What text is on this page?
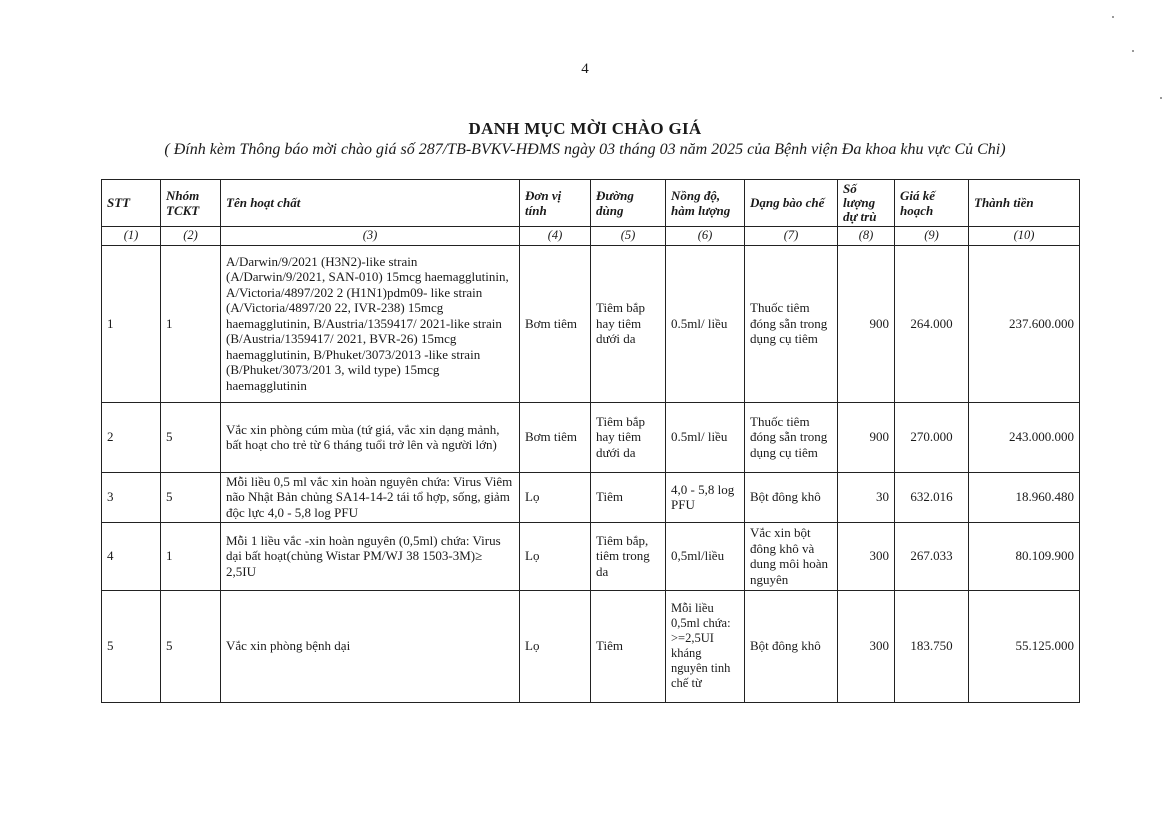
4
DANH MỤC MỜI CHÀO GIÁ
( Đính kèm Thông báo mời chào giá số 287/TB-BVKV-HĐMS ngày 03 tháng 03 năm 2025 của Bệnh viện Đa khoa khu vực Củ Chi)
STT	Nhóm TCKT	Tên hoạt chất	Đơn vị tính	Đường dùng	Nồng độ, hàm lượng	Dạng bào chế	Số lượng dự trù	Giá kế hoạch	Thành tiền
(1)	(2)	(3)	(4)	(5)	(6)	(7)	(8)	(9)	(10)
1	1	A/Darwin/9/2021 (H3N2)-like strain (A/Darwin/9/2021, SAN-010) 15mcg haemagglutinin, A/Victoria/4897/202 2 (H1N1)pdm09- like strain (A/Victoria/4897/20 22, IVR-238) 15mcg haemagglutinin, B/Austria/1359417/ 2021-like strain (B/Austria/1359417/ 2021, BVR-26) 15mcg haemagglutinin, B/Phuket/3073/2013 -like strain (B/Phuket/3073/201 3, wild type) 15mcg haemagglutinin	Bơm tiêm	Tiêm bắp hay tiêm dưới da	0.5ml/ liều	Thuốc tiêm đóng sẵn trong dụng cụ tiêm	900	264.000	237.600.000
2	5	Vắc xin phòng cúm mùa (tứ giá, vắc xin dạng mảnh, bất hoạt cho trẻ từ 6 tháng tuổi trở lên và người lớn)	Bơm tiêm	Tiêm bắp hay tiêm dưới da	0.5ml/ liều	Thuốc tiêm đóng sẵn trong dụng cụ tiêm	900	270.000	243.000.000
3	5	Mỗi liều 0,5 ml vắc xin hoàn nguyên chứa: Virus Viêm não Nhật Bản chủng SA14-14-2 tái tổ hợp, sống, giảm độc lực 4,0 - 5,8 log PFU	Lọ	Tiêm	4,0 - 5,8 log PFU	Bột đông khô	30	632.016	18.960.480
4	1	Mỗi 1 liều vắc -xin hoàn nguyên (0,5ml) chứa: Virus dại bất hoạt(chủng Wistar PM/WJ 38 1503-3M)≥ 2,5IU	Lọ	Tiêm bắp, tiêm trong da	0,5ml/liều	Vắc xin bột đông khô và dung môi hoàn nguyên	300	267.033	80.109.900
5	5	Vắc xin phòng bệnh dại	Lọ	Tiêm	Mỗi liều 0,5ml chứa: >=2,5UI kháng nguyên tinh chế từ	Bột đông khô	300	183.750	55.125.000
